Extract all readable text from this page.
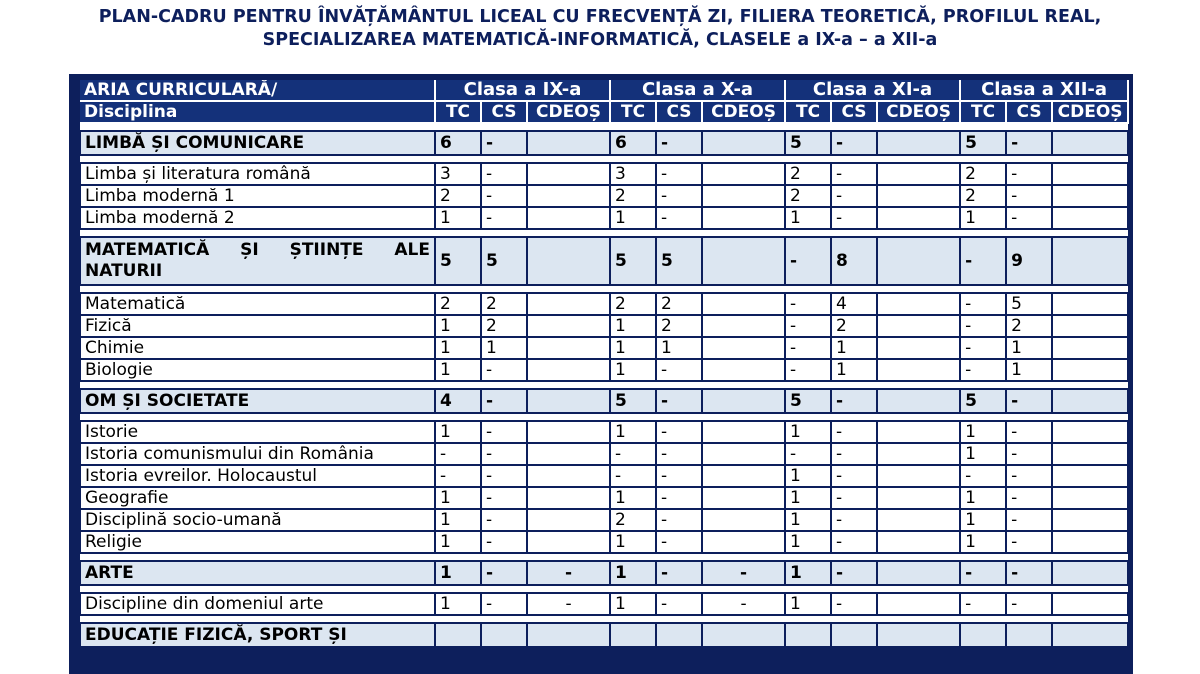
PLAN-CADRU PENTRU ÎNVĂȚĂMÂNTUL LICEAL CU FRECVENȚĂ ZI, FILIERA TEORETICĂ, PROFILUL REAL,
SPECIALIZAREA MATEMATICĂ-INFORMATICĂ, CLASELE a IX-a – a XII-a
ARIA CURRICULARĂ/	Clasa a IX-a			Clasa a X-a			Clasa a XI-a			Clasa a XII-a		
Disciplina	TC	CS	CDEOȘ	TC	CS	CDEOȘ	TC	CS	CDEOȘ	TC	CS	CDEOȘ

LIMBĂ ȘI COMUNICARE	6	-		6	-		5	-		5	-	

Limba și literatura română	3	-		3	-		2	-		2	-	
Limba modernă 1	2	-		2	-		2	-		2	-	
Limba modernă 2	1	-		1	-		1	-		1	-	

MATEMATICĂ ȘI ȘTIINȚE ALE NATURII	5	5		5	5		-	8		-	9	

Matematică	2	2		2	2		-	4		-	5	
Fizică	1	2		1	2		-	2		-	2	
Chimie	1	1		1	1		-	1		-	1	
Biologie	1	-		1	-		-	1		-	1	

OM ȘI SOCIETATE	4	-		5	-		5	-		5	-	

Istorie	1	-		1	-		1	-		1	-	
Istoria comunismului din România	-	-		-	-		-	-		1	-	
Istoria evreilor. Holocaustul	-	-		-	-		1	-		-	-	
Geografie	1	-		1	-		1	-		1	-	
Disciplină socio-umană	1	-		2	-		1	-		1	-	
Religie	1	-		1	-		1	-		1	-	

ARTE	1	-	-	1	-	-	1	-		-	-	

Discipline din domeniul arte	1	-	-	1	-	-	1	-		-	-	

EDUCAȚIE FIZICĂ, SPORT ȘI												
